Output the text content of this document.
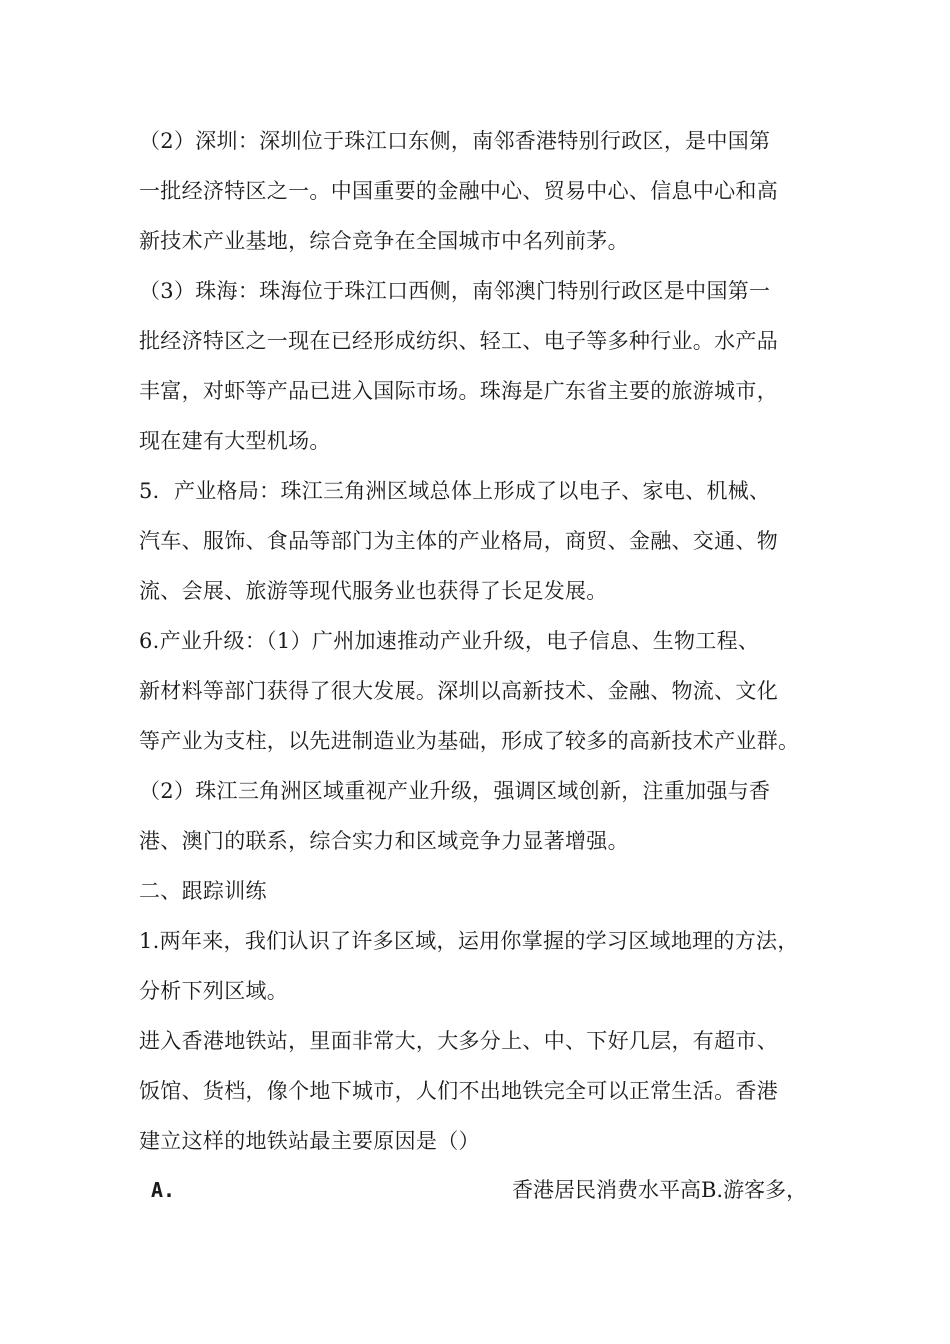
（2）深圳：深圳位于珠江口东侧，南邻香港特别行政区，是中国第
一批经济特区之一。中国重要的金融中心、贸易中心、信息中心和高
新技术产业基地，综合竞争在全国城市中名列前茅。
（3）珠海：珠海位于珠江口西侧，南邻澳门特别行政区是中国第一
批经济特区之一现在已经形成纺织、轻工、电子等多种行业。水产品
丰富，对虾等产品已进入国际市场。珠海是广东省主要的旅游城市，
现在建有大型机场。
5．产业格局：珠江三角洲区域总体上形成了以电子、家电、机械、
汽车、服饰、食品等部门为主体的产业格局，商贸、金融、交通、物
流、会展、旅游等现代服务业也获得了长足发展。
6.产业升级：（1）广州加速推动产业升级，电子信息、生物工程、
新材料等部门获得了很大发展。深圳以高新技术、金融、物流、文化
等产业为支柱，以先进制造业为基础，形成了较多的高新技术产业群。
（2）珠江三角洲区域重视产业升级，强调区域创新，注重加强与香
港、澳门的联系，综合实力和区域竞争力显著增强。
二、跟踪训练
1.两年来，我们认识了许多区域，运用你掌握的学习区域地理的方法，
分析下列区域。
进入香港地铁站，里面非常大，大多分上、中、下好几层，有超市、
饭馆、货档，像个地下城市，人们不出地铁完全可以正常生活。香港
建立这样的地铁站最主要原因是（）
A.	香港居民消费水平高B.游客多，
